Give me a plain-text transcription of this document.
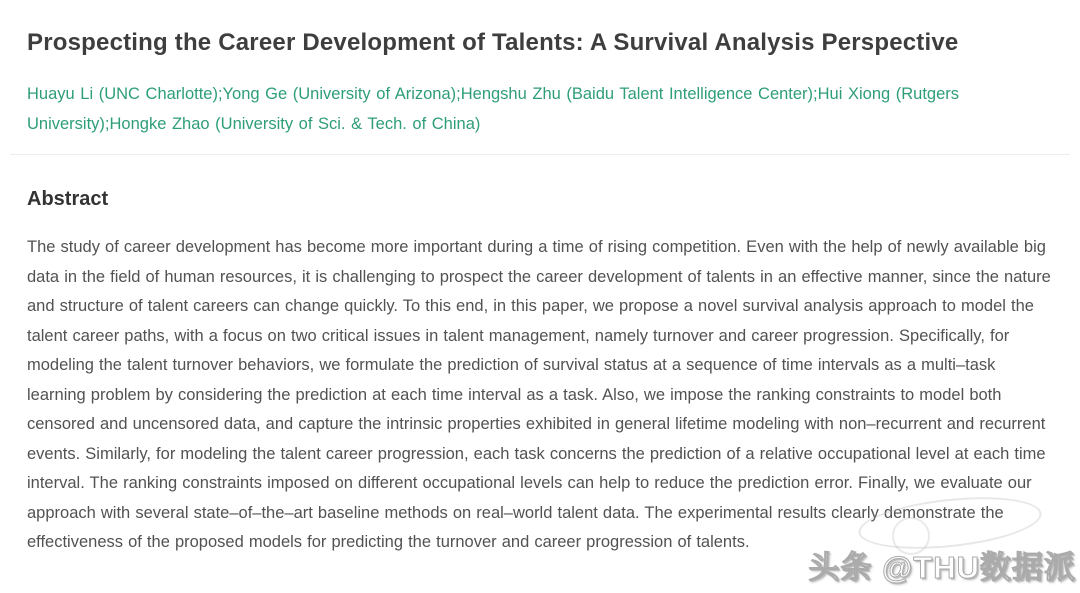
Prospecting the Career Development of Talents: A Survival Analysis Perspective

Huayu Li (UNC Charlotte);Yong Ge (University of Arizona);Hengshu Zhu (Baidu Talent Intelligence Center);Hui Xiong (Rutgers University);Hongke Zhao (University of Sci. & Tech. of China)

Abstract

The study of career development has become more important during a time of rising competition. Even with the help of newly available big data in the field of human resources, it is challenging to prospect the career development of talents in an effective manner, since the nature and structure of talent careers can change quickly. To this end, in this paper, we propose a novel survival analysis approach to model the talent career paths, with a focus on two critical issues in talent management, namely turnover and career progression. Specifically, for modeling the talent turnover behaviors, we formulate the prediction of survival status at a sequence of time intervals as a multi–task learning problem by considering the prediction at each time interval as a task. Also, we impose the ranking constraints to model both censored and uncensored data, and capture the intrinsic properties exhibited in general lifetime modeling with non–recurrent and recurrent events. Similarly, for modeling the talent career progression, each task concerns the prediction of a relative occupational level at each time interval. The ranking constraints imposed on different occupational levels can help to reduce the prediction error. Finally, we evaluate our approach with several state–of–the–art baseline methods on real–world talent data. The experimental results clearly demonstrate the effectiveness of the proposed models for predicting the turnover and career progression of talents.

头条 @THU数据派
